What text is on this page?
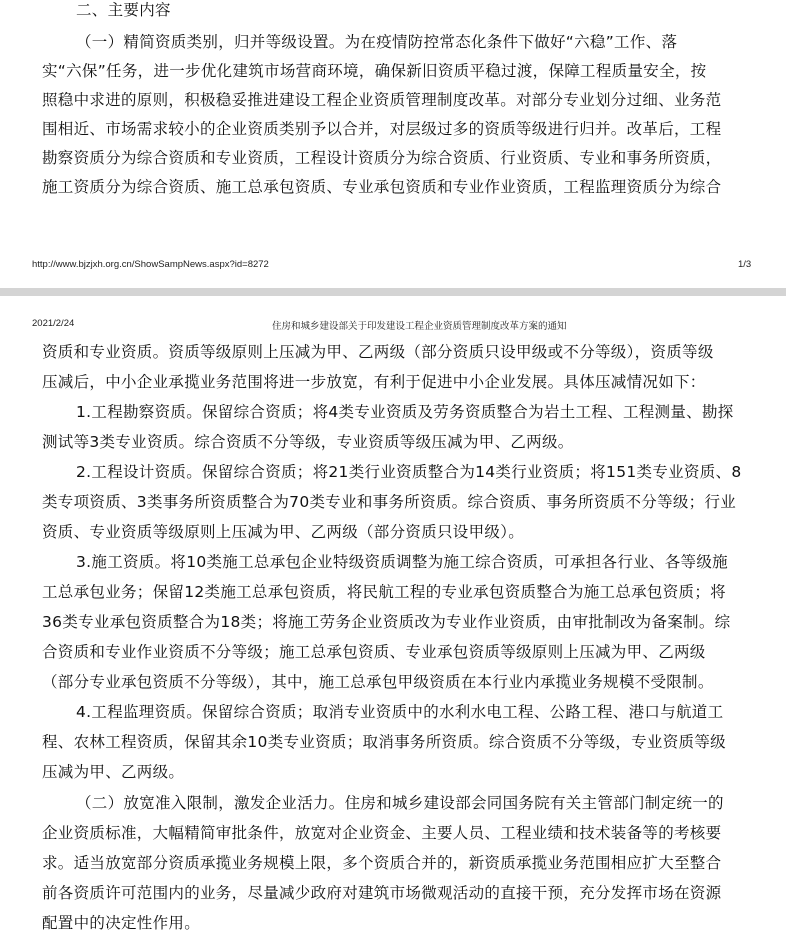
二、主要内容
（一）精简资质类别，归并等级设置。为在疫情防控常态化条件下做好“六稳”工作、落
实“六保”任务，进一步优化建筑市场营商环境，确保新旧资质平稳过渡，保障工程质量安全，按
照稳中求进的原则，积极稳妥推进建设工程企业资质管理制度改革。对部分专业划分过细、业务范
围相近、市场需求较小的企业资质类别予以合并，对层级过多的资质等级进行归并。改革后，工程
勘察资质分为综合资质和专业资质，工程设计资质分为综合资质、行业资质、专业和事务所资质，
施工资质分为综合资质、施工总承包资质、专业承包资质和专业作业资质，工程监理资质分为综合
http://www.bjzjxh.org.cn/ShowSampNews.aspx?id=8272	1/3
2021/2/24	住房和城乡建设部关于印发建设工程企业资质管理制度改革方案的通知
资质和专业资质。资质等级原则上压减为甲、乙两级（部分资质只设甲级或不分等级），资质等级
压减后，中小企业承揽业务范围将进一步放宽，有利于促进中小企业发展。具体压减情况如下：
1.工程勘察资质。保留综合资质；将4类专业资质及劳务资质整合为岩土工程、工程测量、勘探
测试等3类专业资质。综合资质不分等级，专业资质等级压减为甲、乙两级。
2.工程设计资质。保留综合资质；将21类行业资质整合为14类行业资质；将151类专业资质、8
类专项资质、3类事务所资质整合为70类专业和事务所资质。综合资质、事务所资质不分等级；行业
资质、专业资质等级原则上压减为甲、乙两级（部分资质只设甲级）。
3.施工资质。将10类施工总承包企业特级资质调整为施工综合资质，可承担各行业、各等级施
工总承包业务；保留12类施工总承包资质，将民航工程的专业承包资质整合为施工总承包资质；将
36类专业承包资质整合为18类；将施工劳务企业资质改为专业作业资质，由审批制改为备案制。综
合资质和专业作业资质不分等级；施工总承包资质、专业承包资质等级原则上压减为甲、乙两级
（部分专业承包资质不分等级），其中，施工总承包甲级资质在本行业内承揽业务规模不受限制。
4.工程监理资质。保留综合资质；取消专业资质中的水利水电工程、公路工程、港口与航道工
程、农林工程资质，保留其余10类专业资质；取消事务所资质。综合资质不分等级，专业资质等级
压减为甲、乙两级。
（二）放宽准入限制，激发企业活力。住房和城乡建设部会同国务院有关主管部门制定统一的
企业资质标准，大幅精简审批条件，放宽对企业资金、主要人员、工程业绩和技术装备等的考核要
求。适当放宽部分资质承揽业务规模上限，多个资质合并的，新资质承揽业务范围相应扩大至整合
前各资质许可范围内的业务，尽量减少政府对建筑市场微观活动的直接干预，充分发挥市场在资源
配置中的决定性作用。
